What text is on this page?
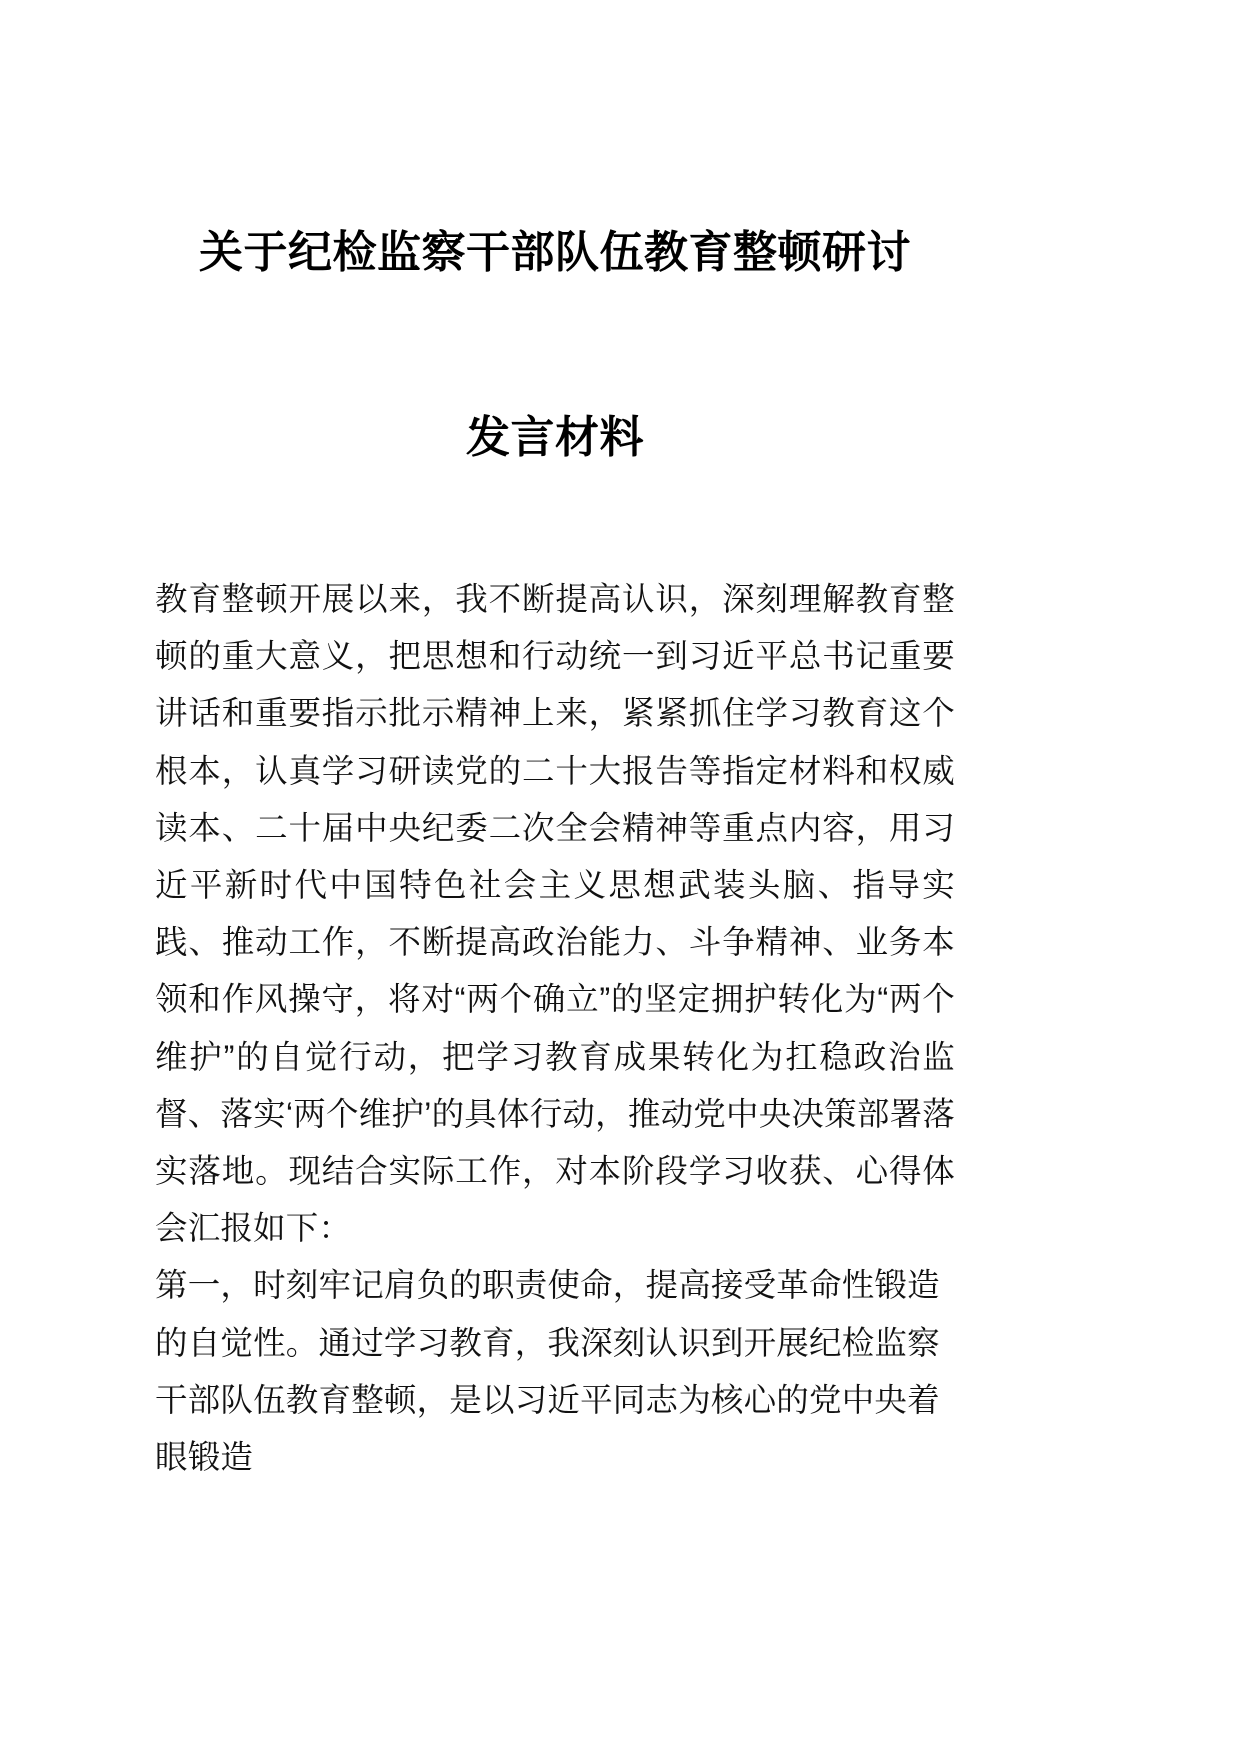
关于纪检监察干部队伍教育整顿研讨
发言材料

教育整顿开展以来，我不断提高认识，深刻理解教育整顿的重大意义，把思想和行动统一到习近平总书记重要讲话和重要指示批示精神上来，紧紧抓住学习教育这个根本，认真学习研读党的二十大报告等指定材料和权威读本、二十届中央纪委二次全会精神等重点内容，用习近平新时代中国特色社会主义思想武装头脑、指导实践、推动工作，不断提高政治能力、斗争精神、业务本领和作风操守，将对“两个确立”的坚定拥护转化为“两个维护”的自觉行动，把学习教育成果转化为扛稳政治监督、落实‘两个维护’的具体行动，推动党中央决策部署落实落地。现结合实际工作，对本阶段学习收获、心得体会汇报如下：

第一，时刻牢记肩负的职责使命，提高接受革命性锻造的自觉性。通过学习教育，我深刻认识到开展纪检监察干部队伍教育整顿，是以习近平同志为核心的党中央着眼锻造
